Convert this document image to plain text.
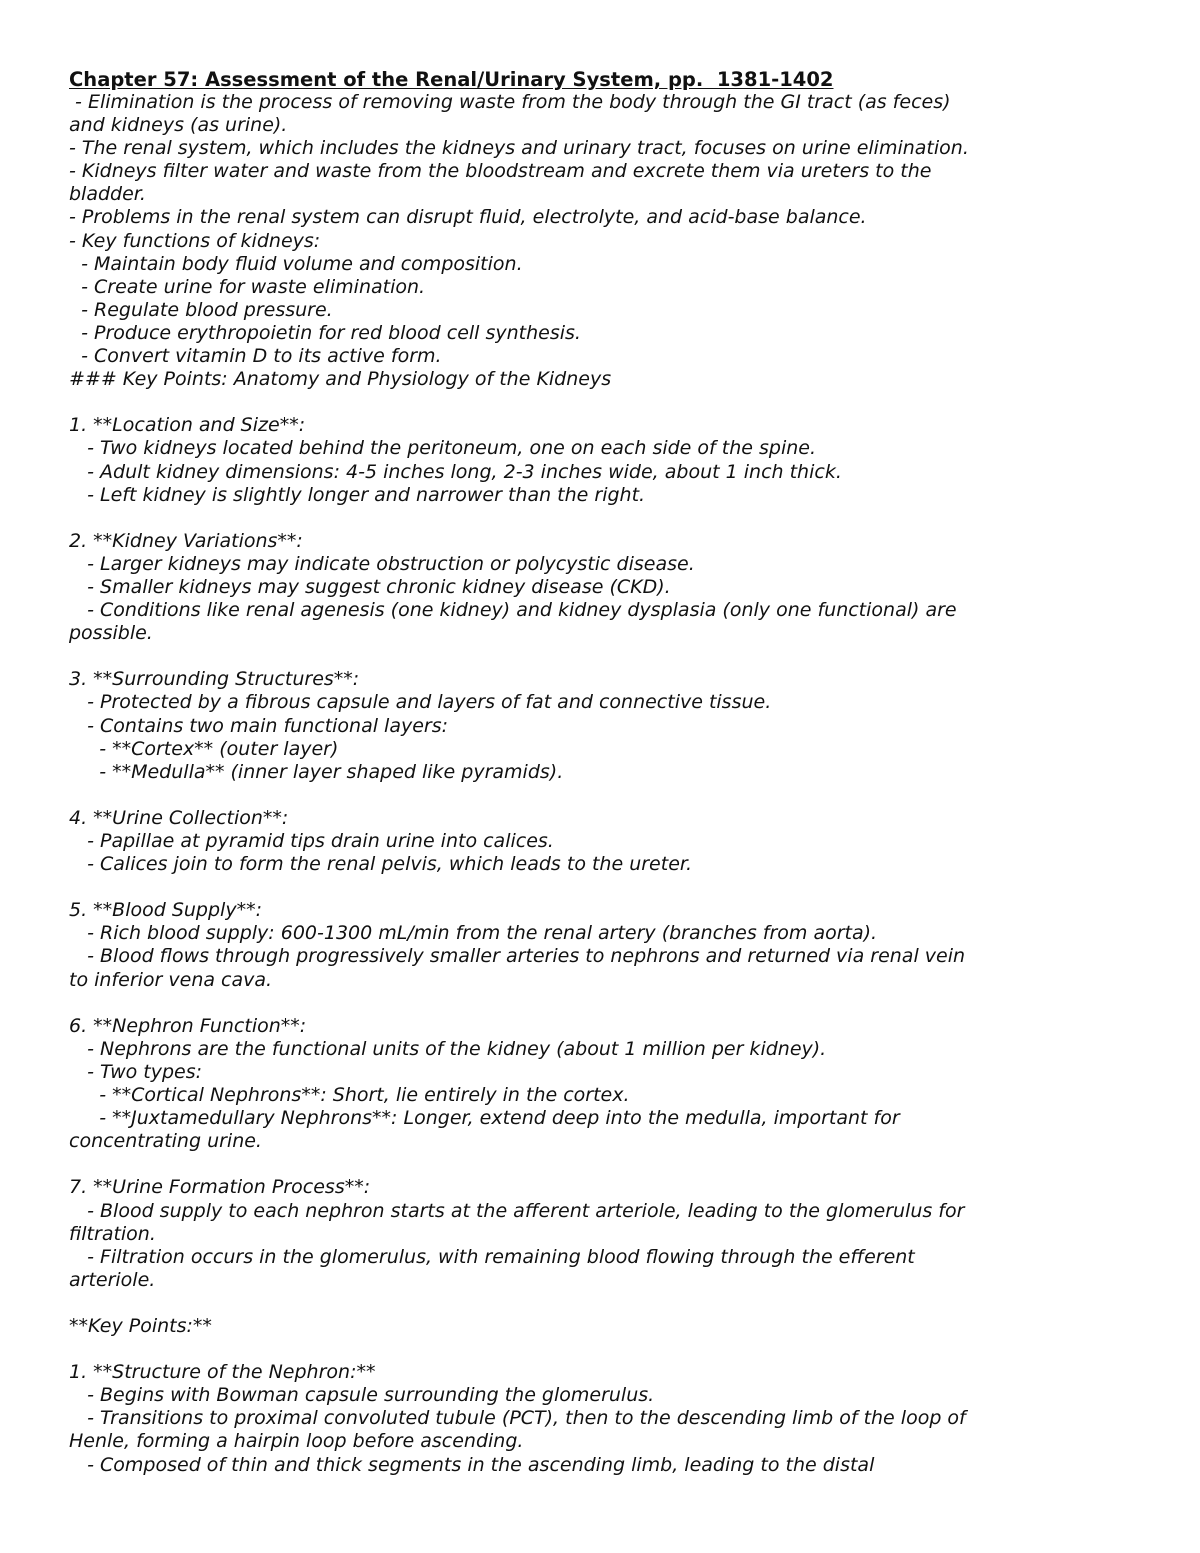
Chapter 57: Assessment of the Renal/Urinary System, pp.  1381-1402
- Elimination is the process of removing waste from the body through the GI tract (as feces)
and kidneys (as urine).
- The renal system, which includes the kidneys and urinary tract, focuses on urine elimination.
- Kidneys filter water and waste from the bloodstream and excrete them via ureters to the
bladder.
- Problems in the renal system can disrupt fluid, electrolyte, and acid-base balance.
- Key functions of kidneys:
- Maintain body fluid volume and composition.
- Create urine for waste elimination.
- Regulate blood pressure.
- Produce erythropoietin for red blood cell synthesis.
- Convert vitamin D to its active form.
### Key Points: Anatomy and Physiology of the Kidneys
1. **Location and Size**:
- Two kidneys located behind the peritoneum, one on each side of the spine.
- Adult kidney dimensions: 4-5 inches long, 2-3 inches wide, about 1 inch thick.
- Left kidney is slightly longer and narrower than the right.
2. **Kidney Variations**:
- Larger kidneys may indicate obstruction or polycystic disease.
- Smaller kidneys may suggest chronic kidney disease (CKD).
- Conditions like renal agenesis (one kidney) and kidney dysplasia (only one functional) are
possible.
3. **Surrounding Structures**:
- Protected by a fibrous capsule and layers of fat and connective tissue.
- Contains two main functional layers:
- **Cortex** (outer layer)
- **Medulla** (inner layer shaped like pyramids).
4. **Urine Collection**:
- Papillae at pyramid tips drain urine into calices.
- Calices join to form the renal pelvis, which leads to the ureter.
5. **Blood Supply**:
- Rich blood supply: 600-1300 mL/min from the renal artery (branches from aorta).
- Blood flows through progressively smaller arteries to nephrons and returned via renal vein
to inferior vena cava.
6. **Nephron Function**:
- Nephrons are the functional units of the kidney (about 1 million per kidney).
- Two types:
- **Cortical Nephrons**: Short, lie entirely in the cortex.
- **Juxtamedullary Nephrons**: Longer, extend deep into the medulla, important for
concentrating urine.
7. **Urine Formation Process**:
- Blood supply to each nephron starts at the afferent arteriole, leading to the glomerulus for
filtration.
- Filtration occurs in the glomerulus, with remaining blood flowing through the efferent
arteriole.
**Key Points:**
1. **Structure of the Nephron:**
- Begins with Bowman capsule surrounding the glomerulus.
- Transitions to proximal convoluted tubule (PCT), then to the descending limb of the loop of
Henle, forming a hairpin loop before ascending.
- Composed of thin and thick segments in the ascending limb, leading to the distal
